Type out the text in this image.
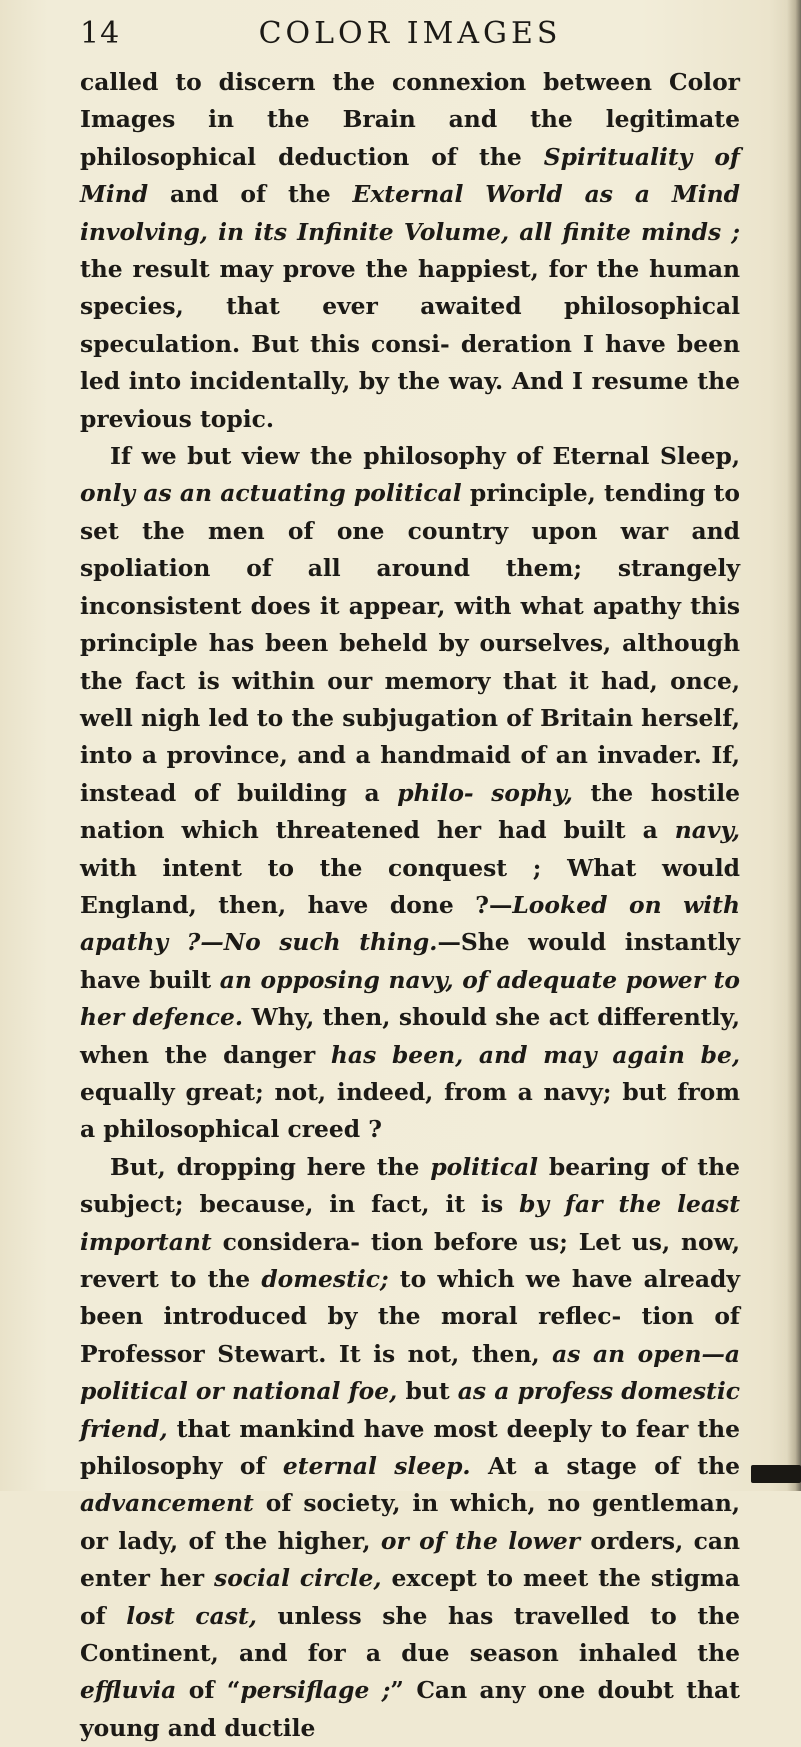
14	COLOR IMAGES

called to discern the connexion between Color Images in the Brain and the legitimate philosophical deduction of the Spirituality of Mind and of the External World as a Mind involving, in its Infinite Volume, all finite minds ; the result may prove the happiest, for the human species, that ever awaited philosophical speculation. But this consi- deration I have been led into incidentally, by the way. And I resume the previous topic.

If we but view the philosophy of Eternal Sleep, only as an actuating political principle, tending to set the men of one country upon war and spoliation of all around them; strangely inconsistent does it appear, with what apathy this principle has been beheld by ourselves, although the fact is within our memory that it had, once, well nigh led to the subjugation of Britain herself, into a province, and a handmaid of an invader. If, instead of building a philo- sophy, the hostile nation which threatened her had built a navy, with intent to the conquest ; What would England, then, have done ?—Looked on with apathy ?—No such thing.—She would instantly have built an opposing navy, of adequate power to her defence. Why, then, should she act differently, when the danger has been, and may again be, equally great; not, indeed, from a navy; but from a philosophical creed ?

But, dropping here the political bearing of the subject; because, in fact, it is by far the least important considera- tion before us; Let us, now, revert to the domestic; to which we have already been introduced by the moral reflec- tion of Professor Stewart. It is not, then, as an open—a political or national foe, but as a profess domestic friend, that mankind have most deeply to fear the philosophy of eternal sleep. At a stage of the advancement of society, in which, no gentleman, or lady, of the higher, or of the lower orders, can enter her social circle, except to meet the stigma of lost cast, unless she has travelled to the Continent, and for a due season inhaled the effluvia of “persiflage ;” Can any one doubt that young and ductile
